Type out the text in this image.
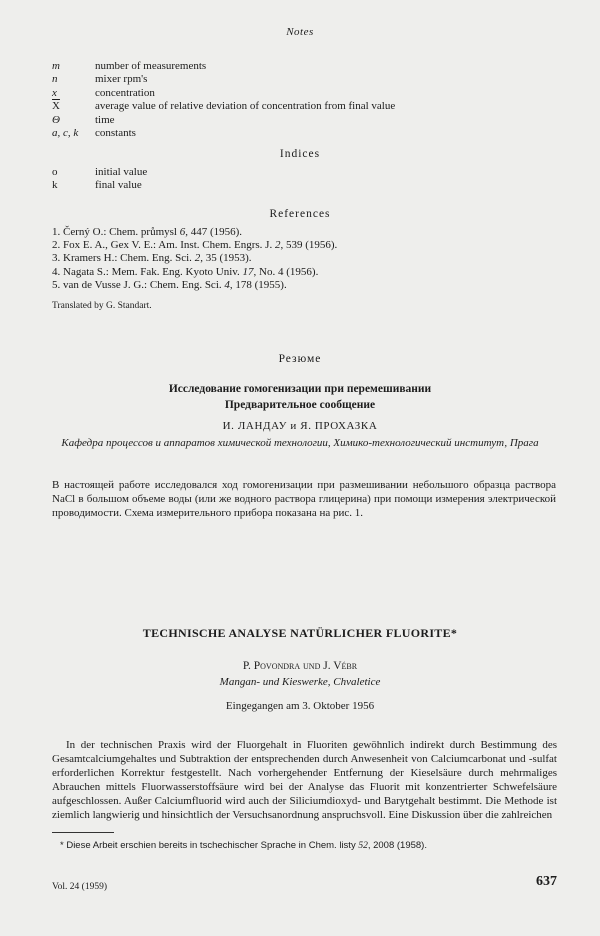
Notes
m	number of measurements
n	mixer rpm's
x	concentration
$\overline{X}$	average value of relative deviation of concentration from final value
Θ	time
a, c, k	constants
Indices
o	initial value
k	final value
References
1. Černý O.: Chem. průmysl 6, 447 (1956).
2. Fox E. A., Gex V. E.: Am. Inst. Chem. Engrs. J. 2, 539 (1956).
3. Kramers H.: Chem. Eng. Sci. 2, 35 (1953).
4. Nagata S.: Mem. Fak. Eng. Kyoto Univ. 17, No. 4 (1956).
5. van de Vusse J. G.: Chem. Eng. Sci. 4, 178 (1955).
Translated by G. Standart.
Резюме
Исследование гомогенизации при перемешивании
Предварительное сообщение
И. ЛАНДАУ и Я. ПРОХАЗКА
Кафедра процессов и аппаратов химической технологии, Химико-технологический институт, Прага
В настоящей работе исследовался ход гомогенизации при размешивании небольшого образца раствора NaCl в большом объеме воды (или же водного раствора глицерина) при помощи измерения электрической проводимости. Схема измерительного прибора показана на рис. 1.
TECHNISCHE ANALYSE NATÜRLICHER FLUORITE*
P. Povondra und J. Vébr
Mangan- und Kieswerke, Chvaletice
Eingegangen am 3. Oktober 1956
In der technischen Praxis wird der Fluorgehalt in Fluoriten gewöhnlich indirekt durch Bestimmung des Gesamtcalciumgehaltes und Subtraktion der entsprechenden durch Anwesenheit von Calciumcarbonat und -sulfat erforderlichen Korrektur festgestellt. Nach vorhergehender Entfernung der Kieselsäure durch mehrmaliges Abrauchen mittels Fluorwasserstoffsäure wird bei der Analyse das Fluorit mit konzentrierter Schwefelsäure aufgeschlossen. Außer Calciumfluorid wird auch der Siliciumdioxyd- und Barytgehalt bestimmt. Die Methode ist ziemlich langwierig und hinsichtlich der Versuchsanordnung anspruchsvoll. Eine Diskussion über die zahlreichen
* Diese Arbeit erschien bereits in tschechischer Sprache in Chem. listy 52, 2008 (1958).
Vol. 24 (1959)	637
